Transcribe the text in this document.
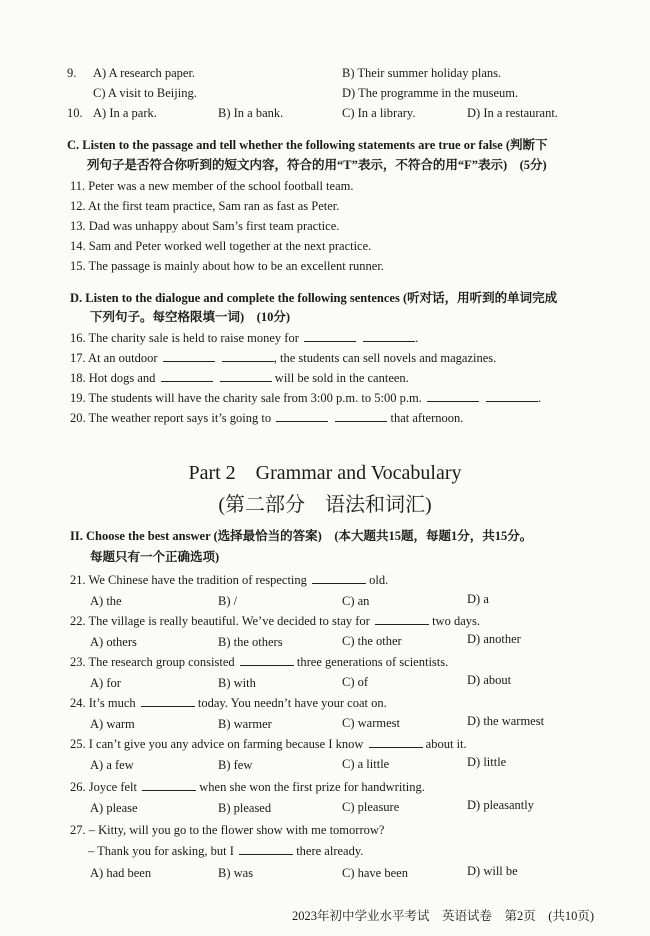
9. A) A research paper.	B) Their summer holiday plans.
C) A visit to Beijing.	D) The programme in the museum.
10. A) In a park.	B) In a bank.	C) In a library.	D) In a restaurant.
C. Listen to the passage and tell whether the following statements are true or false (判断下
列句子是否符合你听到的短文内容，符合的用“T”表示，不符合的用“F”表示)　(5分)
11. Peter was a new member of the school football team.
12. At the first team practice, Sam ran as fast as Peter.
13. Dad was unhappy about Sam’s first team practice.
14. Sam and Peter worked well together at the next practice.
15. The passage is mainly about how to be an excellent runner.
D. Listen to the dialogue and complete the following sentences (听对话，用听到的单词完成
下列句子。每空格限填一词)　(10分)
16. The charity sale is held to raise money for	.
17. At an outdoor	, the students can sell novels and magazines.
18. Hot dogs and	will be sold in the canteen.
19. The students will have the charity sale from 3:00 p.m. to 5:00 p.m.	.
20. The weather report says it’s going to	that afternoon.
Part 2　Grammar and Vocabulary
(第二部分　语法和词汇)
II. Choose the best answer (选择最恰当的答案)　(本大题共15题，每题1分，共15分。
每题只有一个正确选项)
21. We Chinese have the tradition of respecting	old.
A) the	B) /	C) an	D) a
22. The village is really beautiful. We’ve decided to stay for	two days.
A) others	B) the others	C) the other	D) another
23. The research group consisted	three generations of scientists.
A) for	B) with	C) of	D) about
24. It’s much	today. You needn’t have your coat on.
A) warm	B) warmer	C) warmest	D) the warmest
25. I can’t give you any advice on farming because I know	about it.
A) a few	B) few	C) a little	D) little
26. Joyce felt	when she won the first prize for handwriting.
A) please	B) pleased	C) pleasure	D) pleasantly
27. – Kitty, will you go to the flower show with me tomorrow?
– Thank you for asking, but I	there already.
A) had been	B) was	C) have been	D) will be
2023年初中学业水平考试　英语试卷　第2页　(共10页)
